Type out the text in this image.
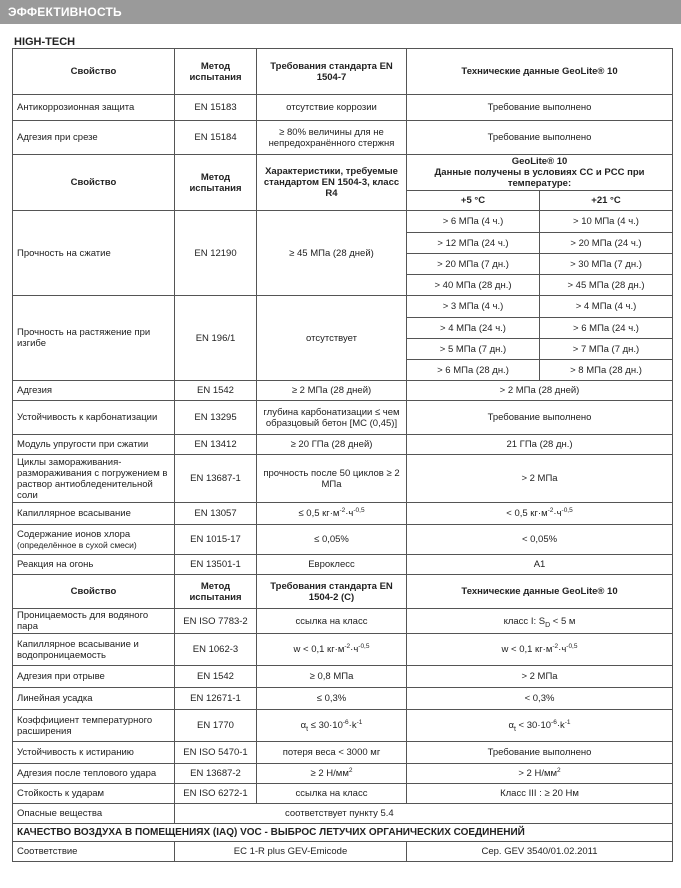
ЭФФЕКТИВНОСТЬ
HIGH-TECH
Свойство	Метод испытания	Требования стандарта EN 1504-7	Технические данные GeoLite® 10	
Антикоррозионная защита	EN 15183	отсутствие коррозии	Требование выполнено	
Адгезия при срезе	EN 15184	≥ 80% величины для не непредохранённого стержня	Требование выполнено	
Свойство	Метод испытания	Характеристики, требуемые стандартом EN 1504-3, класс R4	GeoLite® 10
Данные получены в условиях СС и PCC при температуре:	
			+5 °C	+21 °C
Прочность на сжатие	EN 12190	≥ 45 МПа (28 дней)	> 6 МПа (4 ч.)	> 10 МПа (4 ч.)
			> 12 МПа (24 ч.)	> 20 МПа (24 ч.)
			> 20 МПа (7 дн.)	> 30 МПа (7 дн.)
			> 40 МПа (28 дн.)	> 45 МПа (28 дн.)
Прочность на растяжение при изгибе	EN 196/1	отсутствует	> 3 МПа (4 ч.)	> 4 МПа (4 ч.)
			> 4 МПа (24 ч.)	> 6 МПа (24 ч.)
			> 5 МПа (7 дн.)	> 7 МПа (7 дн.)
			> 6 МПа (28 дн.)	> 8 МПа (28 дн.)
Адгезия	EN 1542	≥ 2 МПа (28 дней)	> 2 МПа (28 дней)	
Устойчивость к карбонатизации	EN 13295	глубина карбонатизации ≤ чем образцовый бетон [MC (0,45)]	Требование выполнено	
Модуль упругости при сжатии	EN 13412	≥ 20 ГПа (28 дней)	21 ГПа (28 дн.)	
Циклы замораживания-размораживания с погружением в раствор антиобледенительной соли	EN 13687-1	прочность после 50 циклов ≥ 2 МПа	> 2 МПа	
Капиллярное всасывание	EN 13057	≤ 0,5 $кг\cdot м^{-2}\cdot ч^{-0,5}$	< 0,5 $кг\cdot м^{-2}\cdot ч^{-0,5}$
Содержание ионов хлора
(определённое в сухой смеси)	EN 1015-17	≤ 0,05%	< 0,05%	
Реакция на огонь	EN 13501-1	Евроклесс	A1	
Свойство	Метод испытания	Требования стандарта EN 1504-2 (С)	Технические данные GeoLite® 10	
Проницаемость для водяного пара	EN ISO 7783-2	ссылка на класс	класс I: $S_D < 5$ м	
Капиллярное всасывание и водопроницаемость	EN 1062-3	w < 0,1 $кг\cdot м^{-2}\cdot ч^{-0,5}$	w < 0,1 $кг\cdot м^{-2}\cdot ч^{-0,5}$
Адгезия при отрыве	EN 1542	≥ 0,8 МПа	> 2 МПа	
Линейная усадка	EN 12671-1	≤ 0,3%	< 0,3%	
Коэффициент температурного расширения	EN 1770	$\alpha_t \le 30\cdot 10^{-6}\cdot k^{-1}$	$\alpha_t < 30\cdot 10^{-6}\cdot k^{-1}$
Устойчивость к истиранию	EN ISO 5470-1	потеря веса < 3000 мг	Требование выполнено	
Адгезия после теплового удара	EN 13687-2	≥ 2 $Н/мм^2$	> 2 $Н/мм^2$
Стойкость к ударам	EN ISO 6272-1	ссылка на класс	Класс III : ≥ 20 Нм	
Опасные вещества	соответствует пункту 5.4			
КАЧЕСТВО ВОЗДУХА В ПОМЕЩЕНИЯХ (IAQ) VOC - ВЫБРОС ЛЕТУЧИХ ОРГАНИЧЕСКИХ СОЕДИНЕНИЙ				
Соответствие	EC 1-R plus GEV-Emicode		Сер. GEV 3540/01.02.2011	
